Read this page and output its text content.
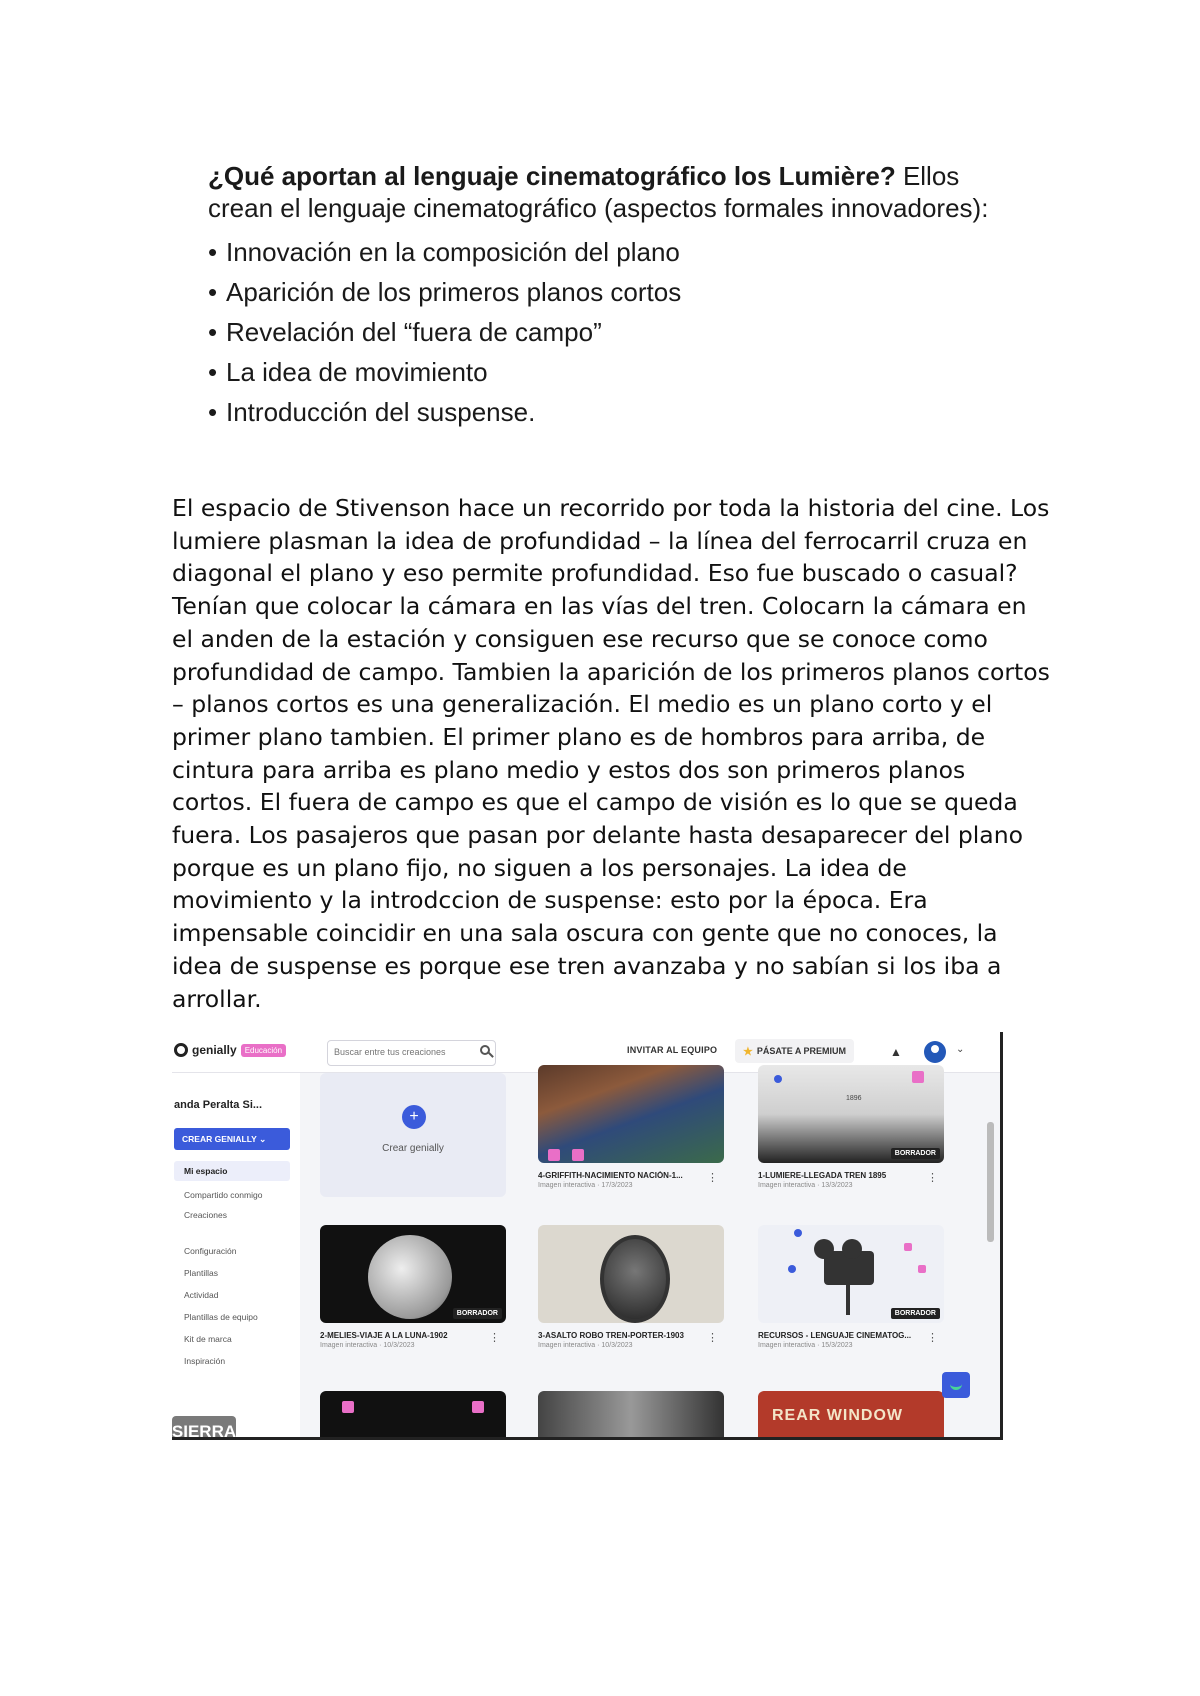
¿Qué aportan al lenguaje cinematográfico los Lumière? Ellos crean el lenguaje cinematográfico (aspectos formales innovadores):

• Innovación en la composición del plano
• Aparición de los primeros planos cortos
• Revelación del “fuera de campo”
• La idea de movimiento
• Introducción del suspense.

El espacio de Stivenson hace un recorrido por toda la historia del cine. Los lumiere plasman la idea de profundidad – la línea del ferrocarril cruza en diagonal el plano y eso permite profundidad. Eso fue buscado o casual? Tenían que colocar la cámara en las vías del tren. Colocarn la cámara en el anden de la estación y consiguen ese recurso que se conoce como profundidad de campo. Tambien la aparición de los primeros planos cortos – planos cortos es una generalización. El medio es un plano corto y el primer plano tambien. El primer plano es de hombros para arriba, de cintura para arriba es plano medio y estos dos son primeros planos cortos. El fuera de campo es que el campo de visión es lo que se queda fuera. Los pasajeros que pasan por delante hasta desaparecer del plano porque es un plano fijo, no siguen a los personajes. La idea de movimiento y la introdccion de suspense: esto por la época. Era impensable coincidir en una sala oscura con gente que no conoces, la idea de suspense es porque ese tren avanzaba y no sabían si los iba a arrollar.

genially	Educación
Buscar entre tus creaciones	INVITAR AL EQUIPO ★ PÁSATE A PREMIUM	▲	⌄
anda Peralta Si...
CREAR GENIALLY ⌄
Mi espacio
Compartido conmigo
Creaciones
Configuración
Plantillas
Actividad
Plantillas de equipo
Kit de marca
Inspiración
SIERRA
+
Crear genially
4-GRIFFITH-NACIMIENTO NACIÓN-1...
Imagen interactiva · 17/3/2023
⋮
1896
BORRADOR
1-LUMIERE-LLEGADA TREN 1895
Imagen interactiva · 13/3/2023
⋮
BORRADOR
2-MELIES-VIAJE A LA LUNA-1902
Imagen interactiva · 10/3/2023
⋮	3-ASALTO ROBO TREN-PORTER-1903
Imagen interactiva · 10/3/2023
⋮
BORRADOR
RECURSOS - LENGUAJE CINEMATOG...
Imagen interactiva · 15/3/2023
⋮
REAR WINDOW
